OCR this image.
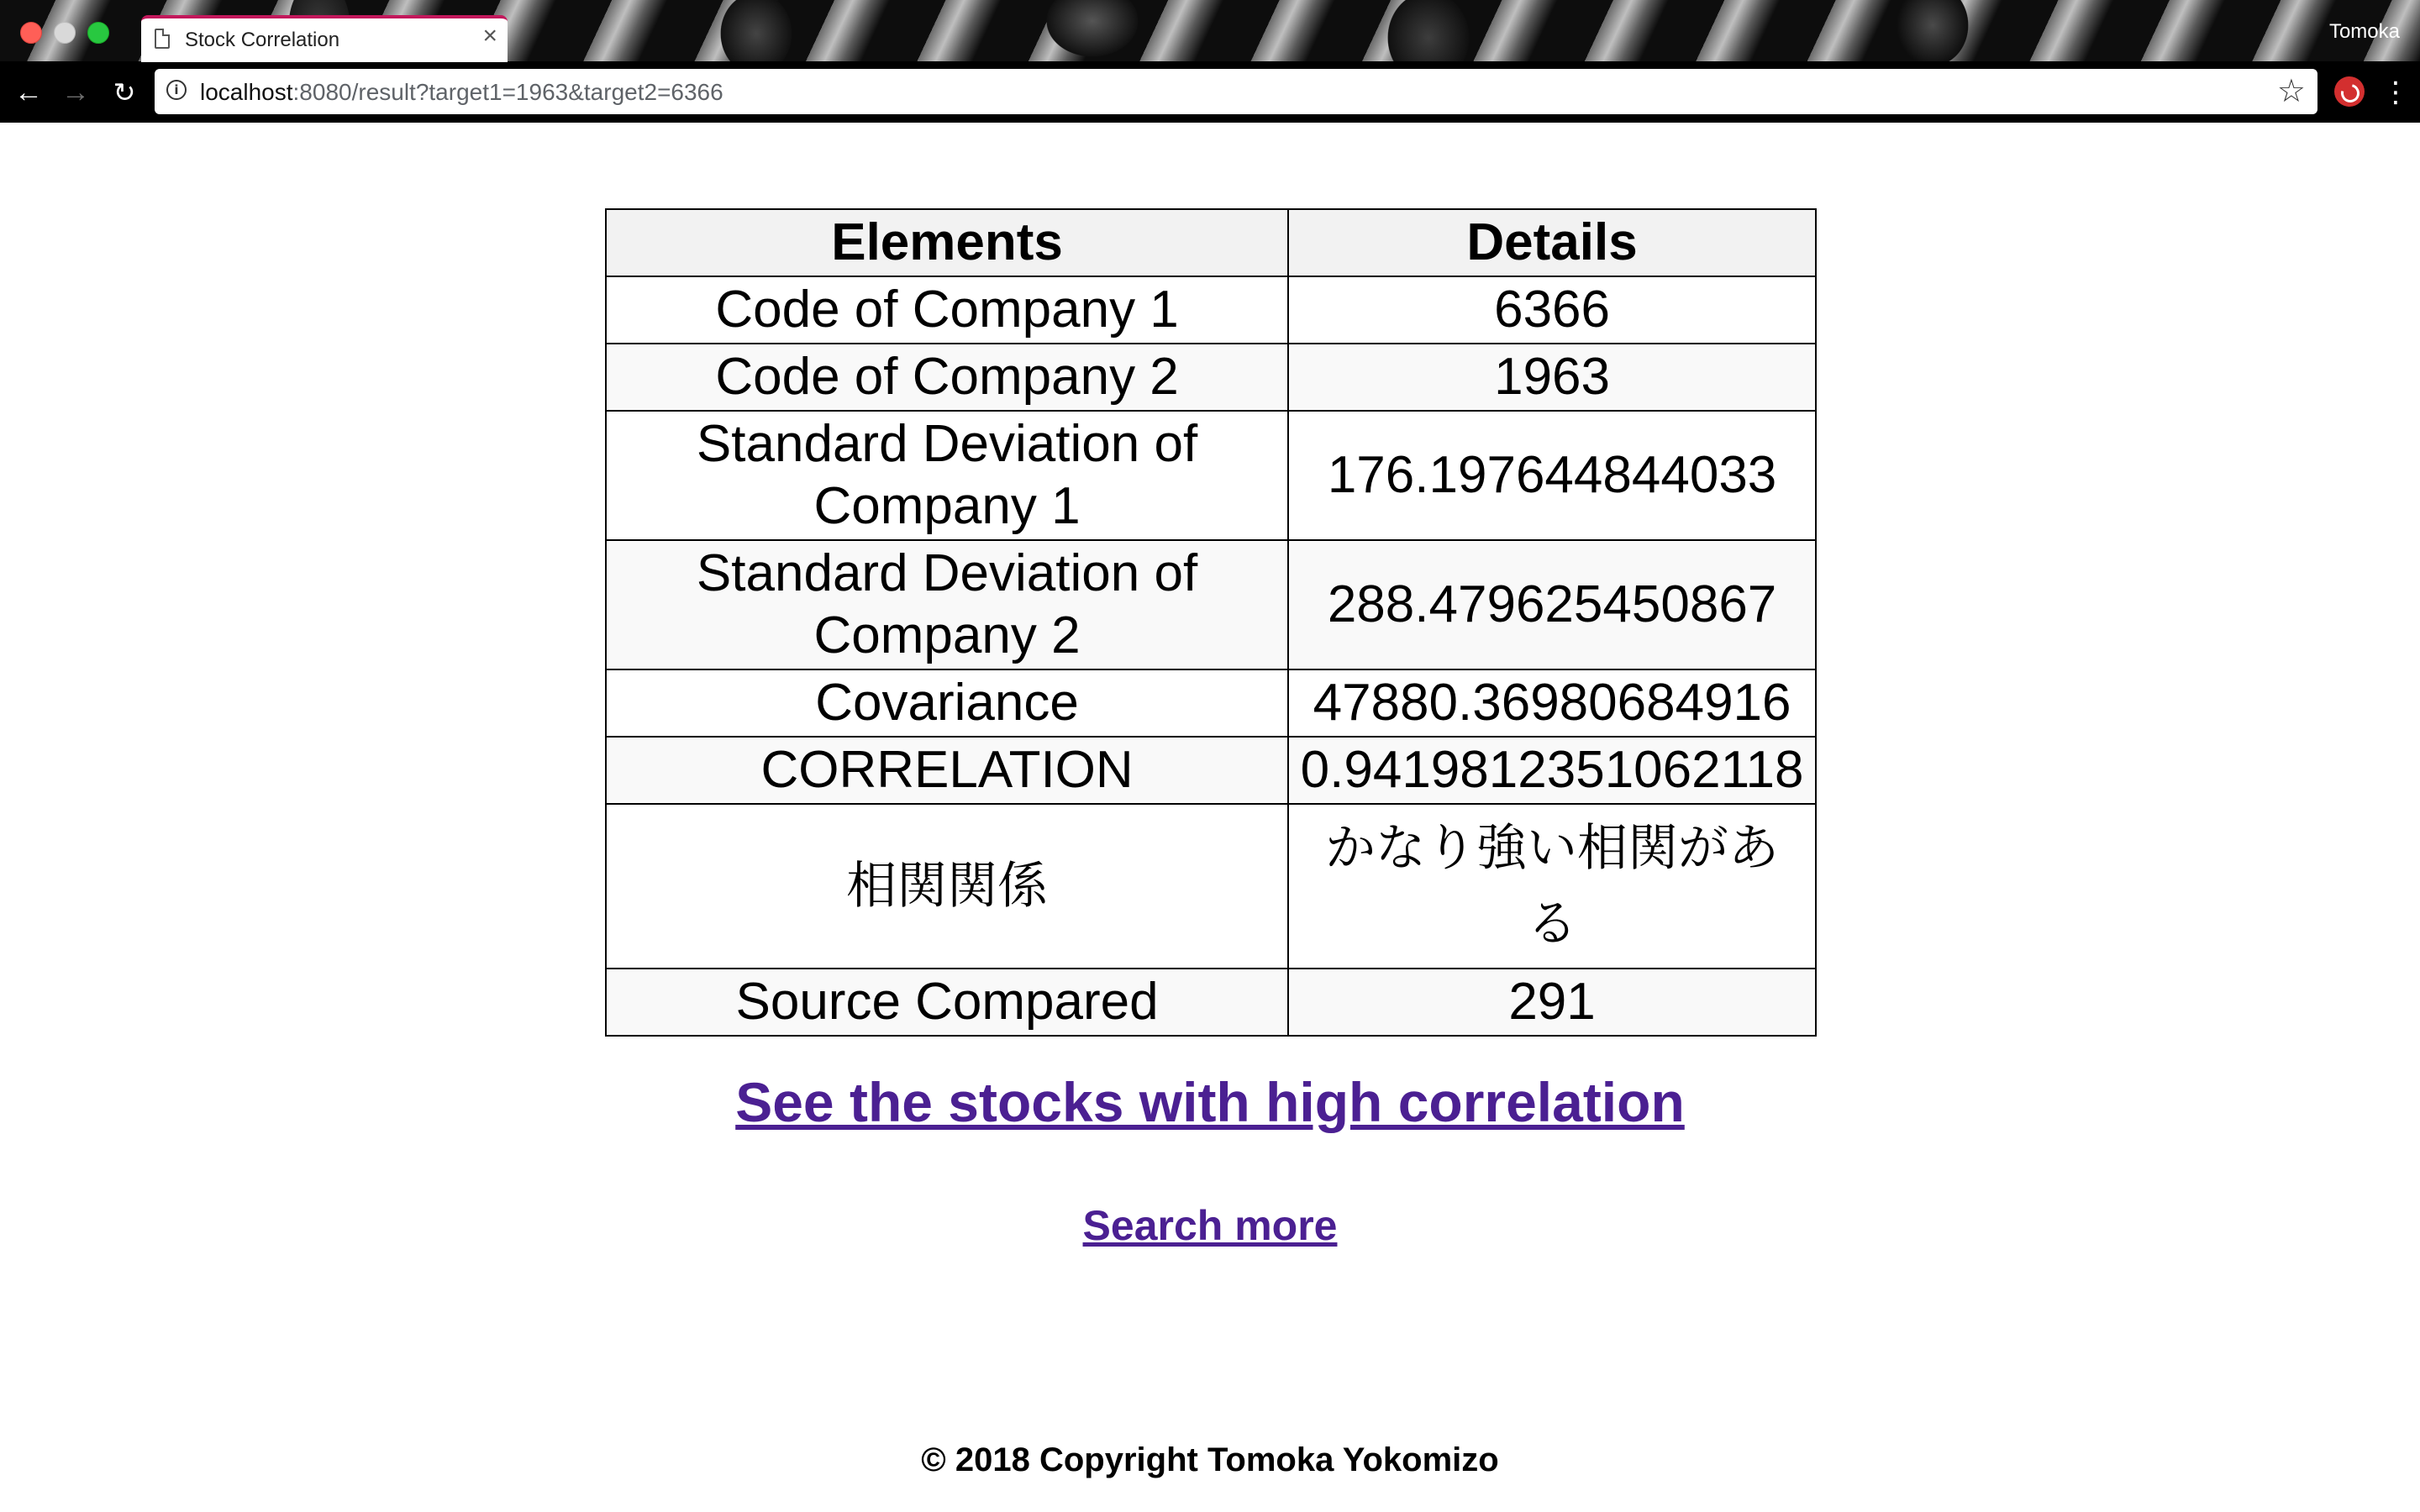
Stock Correlation	×	Tomoka
← → ↻	i localhost:8080/result?target1=1963&target2=6366	☆	⋮
Elements	Details
Code of Company 1	6366
Code of Company 2	1963
Standard Deviation of Company 1	176.197644844033
Standard Deviation of Company 2	288.479625450867
Covariance	47880.36980684916
CORRELATION	0.9419812351062118
相関関係	かなり強い相関がある
Source Compared	291
See the stocks with high correlation
Search more
© 2018 Copyright Tomoka Yokomizo
